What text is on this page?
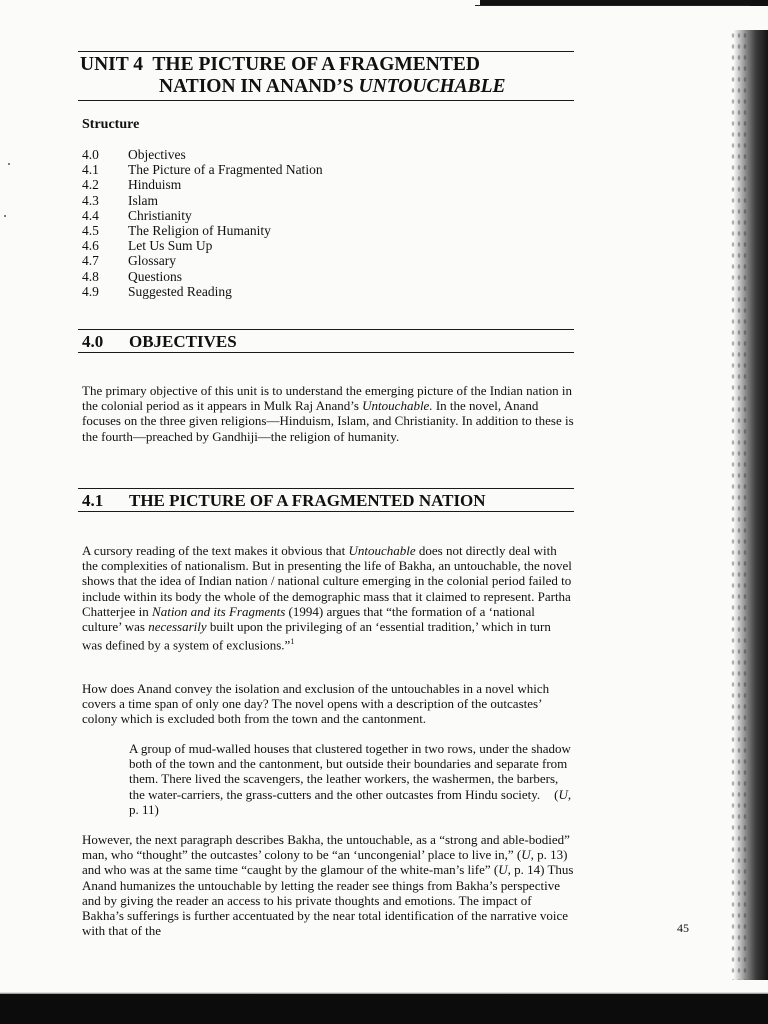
UNIT 4  THE PICTURE OF A FRAGMENTED
NATION IN ANAND’S UNTOUCHABLE
Structure
4.0	Objectives
4.1	The Picture of a Fragmented Nation
4.2	Hinduism
4.3	Islam
4.4	Christianity
4.5	The Religion of Humanity
4.6	Let Us Sum Up
4.7	Glossary
4.8	Questions
4.9	Suggested Reading
4.0 OBJECTIVES

The primary objective of this unit is to understand the emerging picture of the Indian nation in the colonial period as it appears in Mulk Raj Anand’s Untouchable. In the novel, Anand focuses on the three given religions—Hinduism, Islam, and Christianity. In addition to these is the fourth—preached by Gandhiji—the religion of humanity.

4.1 THE PICTURE OF A FRAGMENTED NATION

A cursory reading of the text makes it obvious that Untouchable does not directly deal with the complexities of nationalism. But in presenting the life of Bakha, an untouchable, the novel shows that the idea of Indian nation / national culture emerging in the colonial period failed to include within its body the whole of the demographic mass that it claimed to represent. Partha Chatterjee in Nation and its Fragments (1994) argues that “the formation of a ‘national culture’ was necessarily built upon the privileging of an ‘essential tradition,’ which in turn was defined by a system of exclusions.”$^1$

How does Anand convey the isolation and exclusion of the untouchables in a novel which covers a time span of only one day? The novel opens with a description of the outcastes’ colony which is excluded both from the town and the cantonment.

A group of mud-walled houses that clustered together in two rows, under the shadow both of the town and the cantonment, but outside their boundaries and separate from them. There lived the scavengers, the leather workers, the washermen, the barbers, the water-carriers, the grass-cutters and the other outcastes from Hindu society. (U, p. 11)

However, the next paragraph describes Bakha, the untouchable, as a “strong and able-bodied” man, who “thought” the outcastes’ colony to be “an ‘uncongenial’ place to live in,” (U, p. 13) and who was at the same time “caught by the glamour of the white-man’s life” (U, p. 14) Thus Anand humanizes the untouchable by letting the reader see things from Bakha’s perspective and by giving the reader an access to his private thoughts and emotions. The impact of Bakha’s sufferings is further accentuated by the near total identification of the narrative voice with that of the	45
